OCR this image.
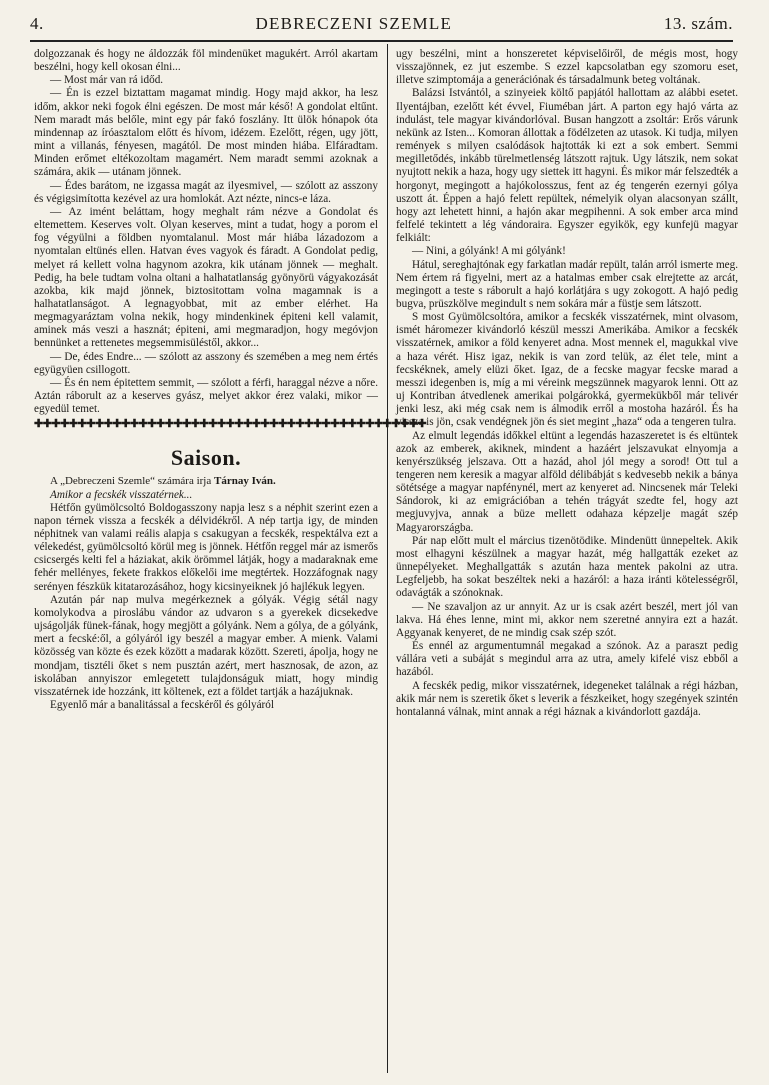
4.	DEBRECZENI SZEMLE	13. szám.

dolgozzanak és hogy ne áldozzák föl mindenüket magukért. Arról akartam beszélni, hogy kell okosan élni...

— Most már van rá időd.

— Én is ezzel biztattam magamat mindig. Hogy majd akkor, ha lesz időm, akkor neki fogok élni egészen. De most már késő! A gondolat eltűnt. Nem maradt más belőle, mint egy pár fakó foszlány. Itt ülök hónapok óta mindennap az íróasztalom előtt és hívom, idézem. Ezelőtt, régen, ugy jött, mint a villanás, fényesen, magától. De most minden hiába. Elfáradtam. Minden erőmet eltékozoltam magamért. Nem maradt semmi azoknak a számára, akik — utánam jönnek.

— Édes barátom, ne izgassa magát az ilyesmivel, — szólott az asszony és végigsimította kezével az ura homlokát. Azt nézte, nincs-e láza.

— Az imént beláttam, hogy meghalt rám nézve a Gondolat és eltemettem. Keserves volt. Olyan keserves, mint a tudat, hogy a porom el fog végyülni a földben nyomtalanul. Most már hiába lázadozom a nyomtalan eltünés ellen. Hatvan éves vagyok és fáradt. A Gondolat pedig, melyet rá kellett volna hagynom azokra, kik utánam jönnek — meghalt. Pedig, ha bele tudtam volna oltani a halhatatlanság gyönyörü vágyakozását azokba, kik majd jönnek, biztositottam volna magamnak is a halhatatlanságot. A legnagyobbat, mit az ember elérhet. Ha megmagyaráztam volna nekik, hogy mindenkinek épiteni kell valamit, aminek más veszi a hasznát; épiteni, ami megmaradjon, hogy megóvjon bennünket a rettenetes megsemmisüléstől, akkor...

— De, édes Endre... — szólott az asszony és szemében a meg nem értés együgyüen csillogott.

— És én nem épitettem semmit, — szólott a férfi, haraggal nézve a nőre. Aztán ráborult az a keserves gyász, melyet akkor érez valaki, mikor — egyedül temet.

✚✚✚✚✚✚✚✚✚✚✚✚✚✚✚✚✚✚✚✚✚✚✚✚✚✚✚✚✚✚✚✚✚✚✚✚✚✚✚✚✚✚✚✚✚
Saison.

A „Debreczeni Szemle“ számára irja Tárnay Iván.

Amikor a fecskék visszatérnek...

Hétfőn gyümölcsoltó Boldogasszony napja lesz s a néphit szerint ezen a napon térnek vissza a fecskék a délvidékről. A nép tartja igy, de minden néphitnek van valami reális alapja s csakugyan a fecskék, respektálva ezt a vélekedést, gyümölcsoltó körül meg is jönnek. Hétfőn reggel már az ismerős csicsergés kelti fel a háziakat, akik örömmel látják, hogy a madaraknak eme fehér mellényes, fekete frakkos előkelői ime megtértek. Hozzáfognak nagy serényen fészkük kitatarozásához, hogy kicsinyeiknek jó hajlékuk legyen.

Azután pár nap mulva megérkeznek a gólyák. Végig sétál nagy komolykodva a piroslábu vándor az udvaron s a gyerekek dicsekedve ujságolják fünek-fának, hogy megjött a gólyánk. Nem a gólya, de a gólyánk, mert a fecské:ől, a gólyáról igy beszél a magyar ember. A mienk. Valami közösség van közte és ezek között a madarak között. Szereti, ápolja, hogy ne mondjam, tisztéli őket s nem pusztán azért, mert hasznosak, de azon, az iskolában annyiszor emlegetett tulajdonságuk miatt, hogy mindig visszatérnek ide hozzánk, itt költenek, ezt a földet tartják a hazájuknak.

Egyenlő már a banalitással a fecskéről és gólyáról

ugy beszélni, mint a honszeretet képviselőiről, de mégis most, hogy visszajönnek, ez jut eszembe. S ezzel kapcsolatban egy szomoru eset, illetve szimptomája a generációnak és társadalmunk beteg voltának.

Balázsi Istvántól, a szinyeiek költő papjától hallottam az alábbi esetet. Ilyentájban, ezelőtt két évvel, Fiuméban járt. A parton egy hajó várta az indulást, tele magyar kivándorlóval. Busan hangzott a zsoltár: Erős várunk nekünk az Isten... Komoran állottak a födélzeten az utasok. Ki tudja, milyen remények s milyen csalódások hajtották ki ezt a sok embert. Semmi megilletődés, inkább türelmetlenség látszott rajtuk. Ugy látszik, nem sokat nyujtott nekik a haza, hogy ugy siettek itt hagyni. És mikor már felszedték a horgonyt, megingott a hajókolosszus, fent az ég tengerén ezernyi gólya uszott át. Éppen a hajó felett repültek, némelyik olyan alacsonyan szállt, hogy azt lehetett hinni, a hajón akar megpihenni. A sok ember arca mind felfelé tekintett a lég vándoraira. Egyszer egyikök, egy kunfejü magyar felkiált:

— Nini, a gólyánk! A mi gólyánk!

Hátul, sereghajtónak egy farkatlan madár repült, talán arról ismerte meg. Nem értem rá figyelni, mert az a hatalmas ember csak elrejtette az arcát, megingott a teste s ráborult a hajó korlátjára s ugy zokogott. A hajó pedig bugva, prüszkölve megindult s nem sokára már a füstje sem látszott.

S most Gyümölcsoltóra, amikor a fecskék visszatérnek, mint olvasom, ismét háromezer kivándorló készül messzi Amerikába. Amikor a fecskék visszatérnek, amikor a föld kenyeret adna. Most mennek el, magukkal vive a haza vérét. Hisz igaz, nekik is van zord telük, az élet tele, mint a fecskéknek, amely elüzi őket. Igaz, de a fecske magyar fecske marad a messzi idegenben is, míg a mi véreink megszünnek magyarok lenni. Ott az uj Kontriban átvedlenek amerikai polgárokká, gyermekükből már telivér jenki lesz, aki még csak nem is álmodik erről a mostoha hazáról. És ha vissza is jön, csak vendégnek jön és siet megint „haza“ oda a tengeren tulra.

Az elmult legendás időkkel eltünt a legendás hazaszeretet is és eltüntek azok az emberek, akiknek, mindent a hazáért jelszavukat elnyomja a kenyérszükség jelszava. Ott a hazád, ahol jól megy a sorod! Ott tul a tengeren nem keresik a magyar alföld délibábját s kedvesebb nekik a bánya sötétsége a magyar napfénynél, mert az kenyeret ad. Nincsenek már Teleki Sándorok, ki az emigrációban a tehén trágyát szedte fel, hogy azt megjuvyjva, annak a büze mellett odahaza képzelje magát szép Magyarországba.

Pár nap előtt mult el március tizenötödike. Mindenütt ünnepeltek. Akik most elhagyni készülnek a magyar hazát, még hallgatták ezeket az ünnepélyeket. Meghallgatták s azután haza mentek pakolni az utra. Legfeljebb, ha sokat beszéltek neki a hazáról: a haza iránti kötelességről, odavágták a szónoknak.

— Ne szavaljon az ur annyit. Az ur is csak azért beszél, mert jól van lakva. Há éhes lenne, mint mi, akkor nem szeretné annyira ezt a hazát. Aggyanak kenyeret, de ne mindig csak szép szót.

És ennél az argumentumnál megakad a szónok. Az a paraszt pedig vállára veti a subáját s megindul arra az utra, amely kifelé visz ebből a hazából.

A fecskék pedig, mikor visszatérnek, idegeneket találnak a régi házban, akik már nem is szeretik őket s leverik a fészkeiket, hogy szegények szintén hontalanná válnak, mint annak a régi háznak a kivándorlott gazdája.
